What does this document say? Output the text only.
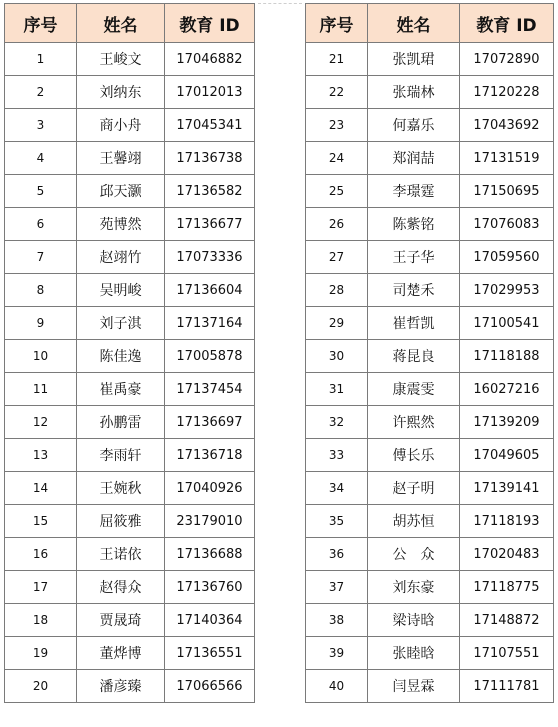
序号	姓名	教育 ID
1	王峻文	17046882
2	刘纳东	17012013
3	商小舟	17045341
4	王馨翊	17136738
5	邱天灏	17136582
6	苑博然	17136677
7	赵翊竹	17073336
8	吴明峻	17136604
9	刘子淇	17137164
10	陈佳逸	17005878
11	崔禹豪	17137454
12	孙鹏雷	17136697
13	李雨轩	17136718
14	王婉秋	17040926
15	屈筱雅	23179010
16	王诺依	17136688
17	赵得众	17136760
18	贾晟琦	17140364
19	董烨博	17136551
20	潘彦臻	17066566
序号	姓名	教育 ID
21	张凯珺	17072890
22	张瑞林	17120228
23	何嘉乐	17043692
24	郑润喆	17131519
25	李璟霆	17150695
26	陈紫铭	17076083
27	王子华	17059560
28	司楚禾	17029953
29	崔哲凯	17100541
30	蒋昆良	17118188
31	康震雯	16027216
32	许熙然	17139209
33	傅长乐	17049605
34	赵子明	17139141
35	胡苏恒	17118193
36	公　众	17020483
37	刘东豪	17118775
38	梁诗晗	17148872
39	张睦晗	17107551
40	闫昱霖	17111781
